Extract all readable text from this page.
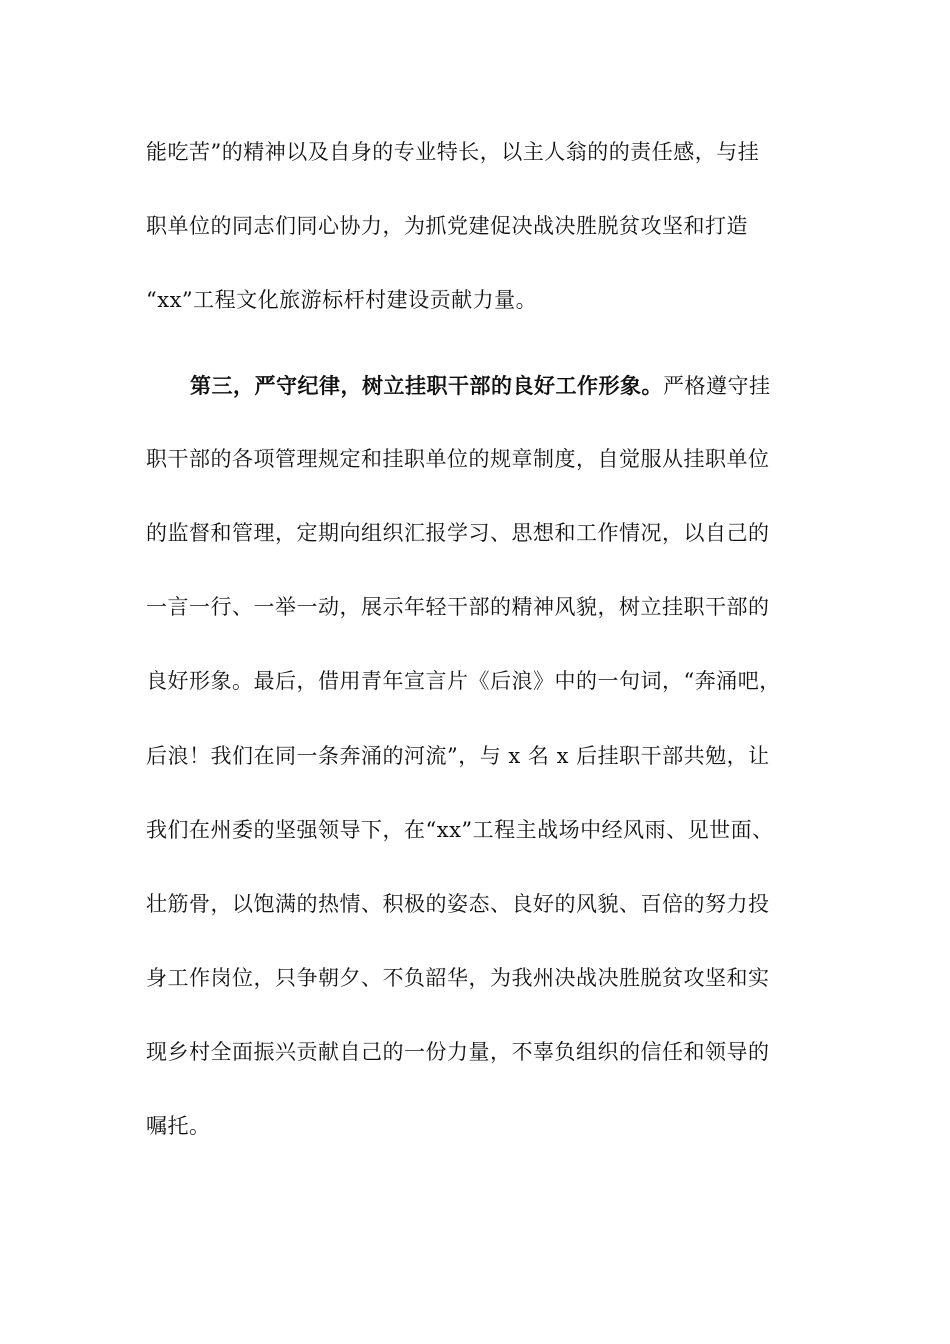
能吃苦”的精神以及自身的专业特长，以主人翁的的责任感，与挂
职单位的同志们同心协力，为抓党建促决战决胜脱贫攻坚和打造
“xx”工程文化旅游标杆村建设贡献力量。
第三，严守纪律，树立挂职干部的良好工作形象。严格遵守挂
职干部的各项管理规定和挂职单位的规章制度，自觉服从挂职单位
的监督和管理，定期向组织汇报学习、思想和工作情况，以自己的
一言一行、一举一动，展示年轻干部的精神风貌，树立挂职干部的
良好形象。最后，借用青年宣言片《后浪》中的一句词，“奔涌吧，
后浪！我们在同一条奔涌的河流”，与 x 名 x 后挂职干部共勉，让
我们在州委的坚强领导下，在“xx”工程主战场中经风雨、见世面、
壮筋骨，以饱满的热情、积极的姿态、良好的风貌、百倍的努力投
身工作岗位，只争朝夕、不负韶华，为我州决战决胜脱贫攻坚和实
现乡村全面振兴贡献自己的一份力量，不辜负组织的信任和领导的
嘱托。
